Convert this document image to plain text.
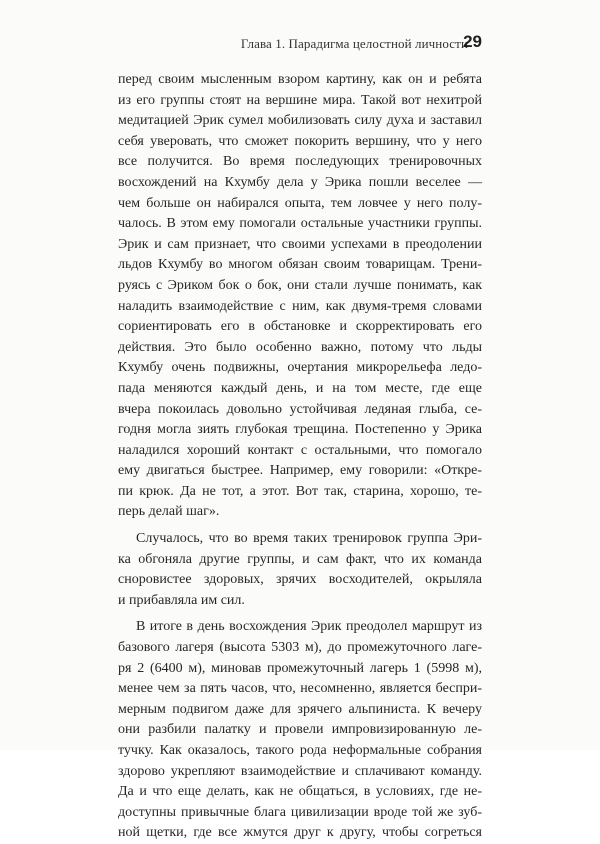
Глава 1. Парадигма целостной личности
29

перед своим мысленным взором картину, как он и ребята
из его группы стоят на вершине мира. Такой вот нехитрой
медитацией Эрик сумел мобилизовать силу духа и заставил
себя уверовать, что сможет покорить вершину, что у него
все получится. Во время последующих тренировочных
восхождений на Кхумбу дела у Эрика пошли веселее —
чем больше он набирался опыта, тем ловчее у него полу-
чалось. В этом ему помогали остальные участники группы.
Эрик и сам признает, что своими успехами в преодолении
льдов Кхумбу во многом обязан своим товарищам. Трени-
руясь с Эриком бок о бок, они стали лучше понимать, как
наладить взаимодействие с ним, как двумя-тремя словами
сориентировать его в обстановке и скорректировать его
действия. Это было особенно важно, потому что льды
Кхумбу очень подвижны, очертания микрорельефа ледо-
пада меняются каждый день, и на том месте, где еще
вчера покоилась довольно устойчивая ледяная глыба, се-
годня могла зиять глубокая трещина. Постепенно у Эрика
наладился хороший контакт с остальными, что помогало
ему двигаться быстрее. Например, ему говорили: «Откре-
пи крюк. Да не тот, а этот. Вот так, старина, хорошо, те-
перь делай шаг».

Случалось, что во время таких тренировок группа Эри-
ка обгоняла другие группы, и сам факт, что их команда
сноровистее здоровых, зрячих восходителей, окрыляла
и прибавляла им сил.

В итоге в день восхождения Эрик преодолел маршрут из
базового лагеря (высота 5303 м), до промежуточного лаге-
ря 2 (6400 м), миновав промежуточный лагерь 1 (5998 м),
менее чем за пять часов, что, несомненно, является беспри-
мерным подвигом даже для зрячего альпиниста. К вечеру
они разбили палатку и провели импровизированную ле-
тучку. Как оказалось, такого рода неформальные собрания
здорово укрепляют взаимодействие и сплачивают команду.
Да и что еще делать, как не общаться, в условиях, где не-
доступны привычные блага цивилизации вроде той же зуб-
ной щетки, где все жмутся друг к другу, чтобы согреться
